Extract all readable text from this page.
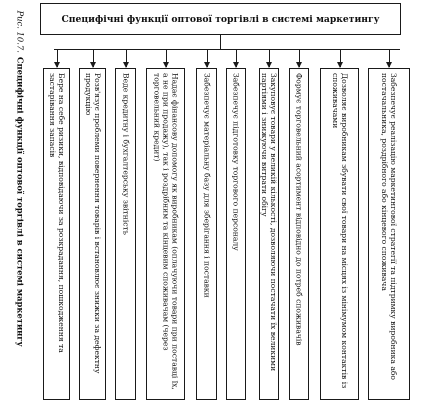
Рис. 10.7.Специфічні функції оптової торгівлі в системі маркетингу
Специфічні функції оптової торгівлі в системі маркетингу
Бере на себе ризики, відповідаючи за розкрадання, пошкодження та застарівання запасів	Розв'язує проблеми повернення товарів і встановлює знижки за дефектну продукцію	Веде кредитну і бухгалтерську звітність	Надає фінансову допомогу як виробникам (оплачуючи товари при поставці їх, а не при продажу), так і роздрібним та кінцевим споживачам (через торговельний кредит)	Забезпечує матеріальну базу для зберігання і поставки	Забезпечує підготовку торгового персоналу	Закуповує товари у великій кількості, дозволяючи постачати їх великими партіями і знижуючи витрати обігу	Формує торговельний асортимент відповідно до потреб споживачів	Дозволяє виробникам збувати свої товари на місцях із мінімумом контактів із споживачами	Забезпечує реалізацію маркетингової стратегії та підтримку виробника або постачальника, роздрібного або кінцевого споживача
